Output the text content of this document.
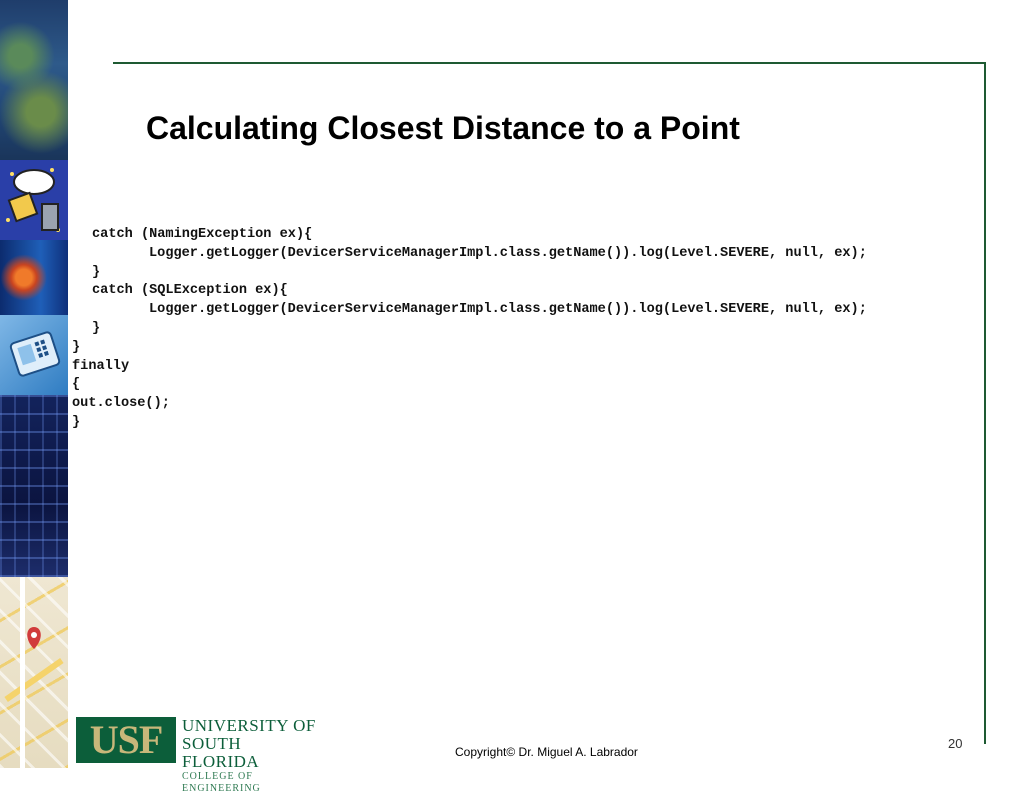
Calculating Closest Distance to a Point
catch (NamingException ex){
Logger.getLogger(DevicerServiceManagerImpl.class.getName()).log(Level.SEVERE, null, ex);
}
catch (SQLException ex){
Logger.getLogger(DevicerServiceManagerImpl.class.getName()).log(Level.SEVERE, null, ex);
}
}
finally
{
out.close();
}
USF	UNIVERSITY OF
SOUTH FLORIDA
COLLEGE OF ENGINEERING
Copyright© Dr. Miguel A. Labrador
20
